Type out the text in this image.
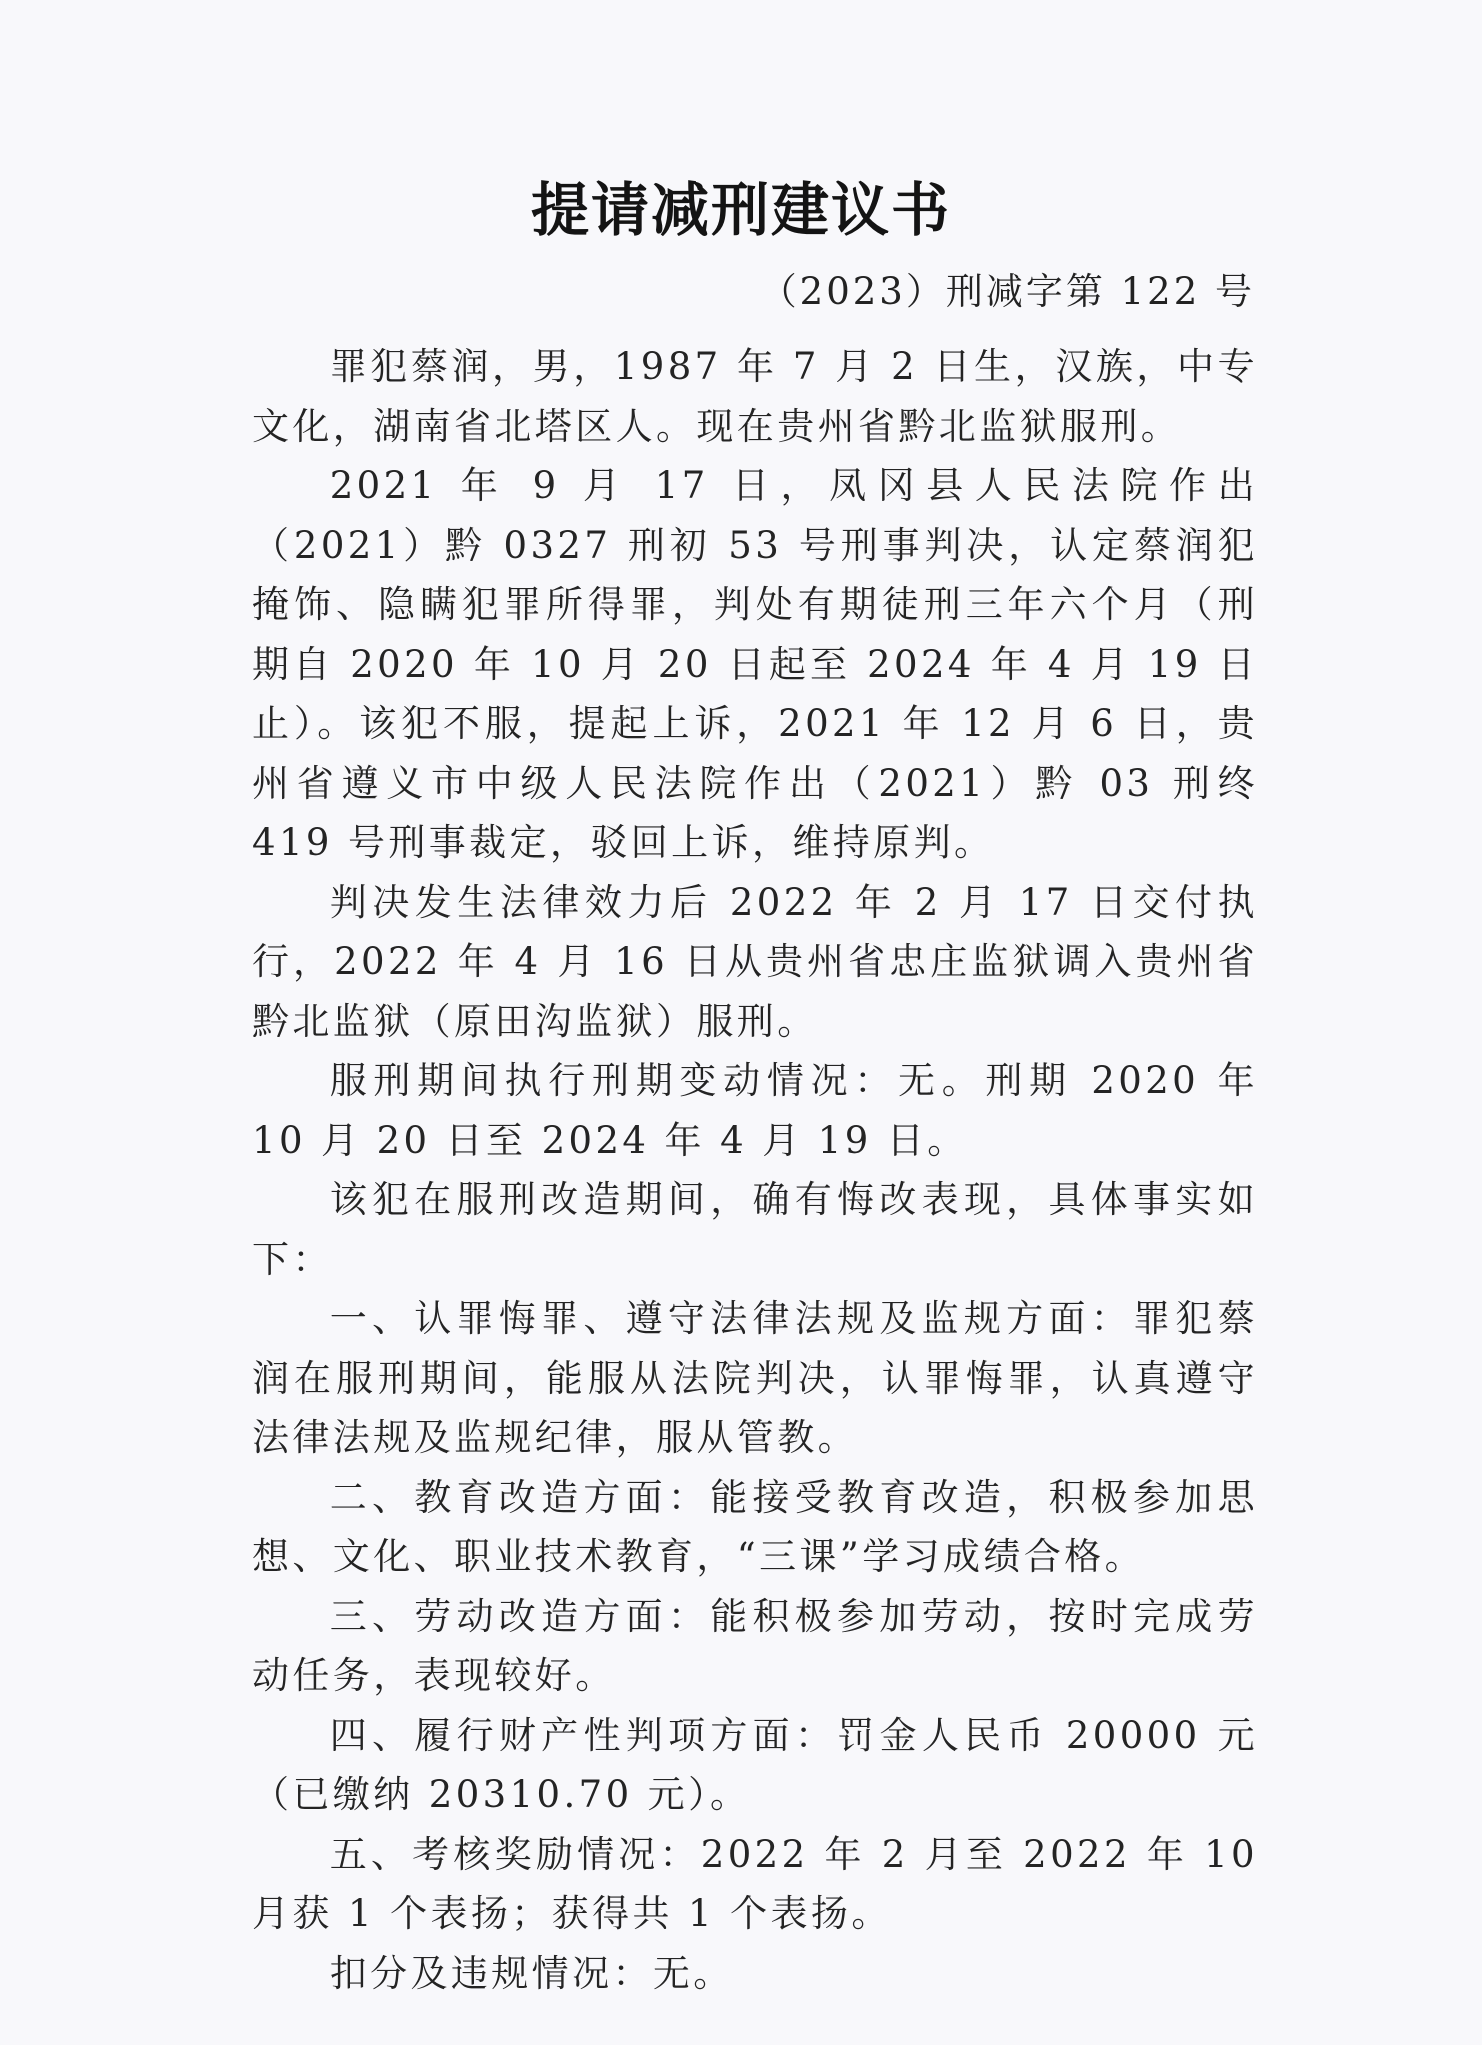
提请减刑建议书
（2023）刑减字第 122 号

罪犯蔡润，男，1987 年 7 月 2 日生，汉族，中专文化，湖南省北塔区人。现在贵州省黔北监狱服刑。

2021 年 9 月 17 日，凤冈县人民法院作出（2021）黔 0327 刑初 53 号刑事判决，认定蔡润犯掩饰、隐瞒犯罪所得罪，判处有期徒刑三年六个月（刑期自 2020 年 10 月 20 日起至 2024 年 4 月 19 日止）。该犯不服，提起上诉，2021 年 12 月 6 日，贵州省遵义市中级人民法院作出（2021）黔 03 刑终 419 号刑事裁定，驳回上诉，维持原判。

判决发生法律效力后 2022 年 2 月 17 日交付执行，2022 年 4 月 16 日从贵州省忠庄监狱调入贵州省黔北监狱（原田沟监狱）服刑。

服刑期间执行刑期变动情况：无。刑期 2020 年 10 月 20 日至 2024 年 4 月 19 日。

该犯在服刑改造期间，确有悔改表现，具体事实如下：

一、认罪悔罪、遵守法律法规及监规方面：罪犯蔡润在服刑期间，能服从法院判决，认罪悔罪，认真遵守法律法规及监规纪律，服从管教。

二、教育改造方面：能接受教育改造，积极参加思想、文化、职业技术教育，“三课”学习成绩合格。

三、劳动改造方面：能积极参加劳动，按时完成劳动任务，表现较好。

四、履行财产性判项方面：罚金人民币 20000 元 （已缴纳 20310.70 元）。

五、考核奖励情况：2022 年 2 月至 2022 年 10 月获 1 个表扬；获得共 1 个表扬。

扣分及违规情况：无。
